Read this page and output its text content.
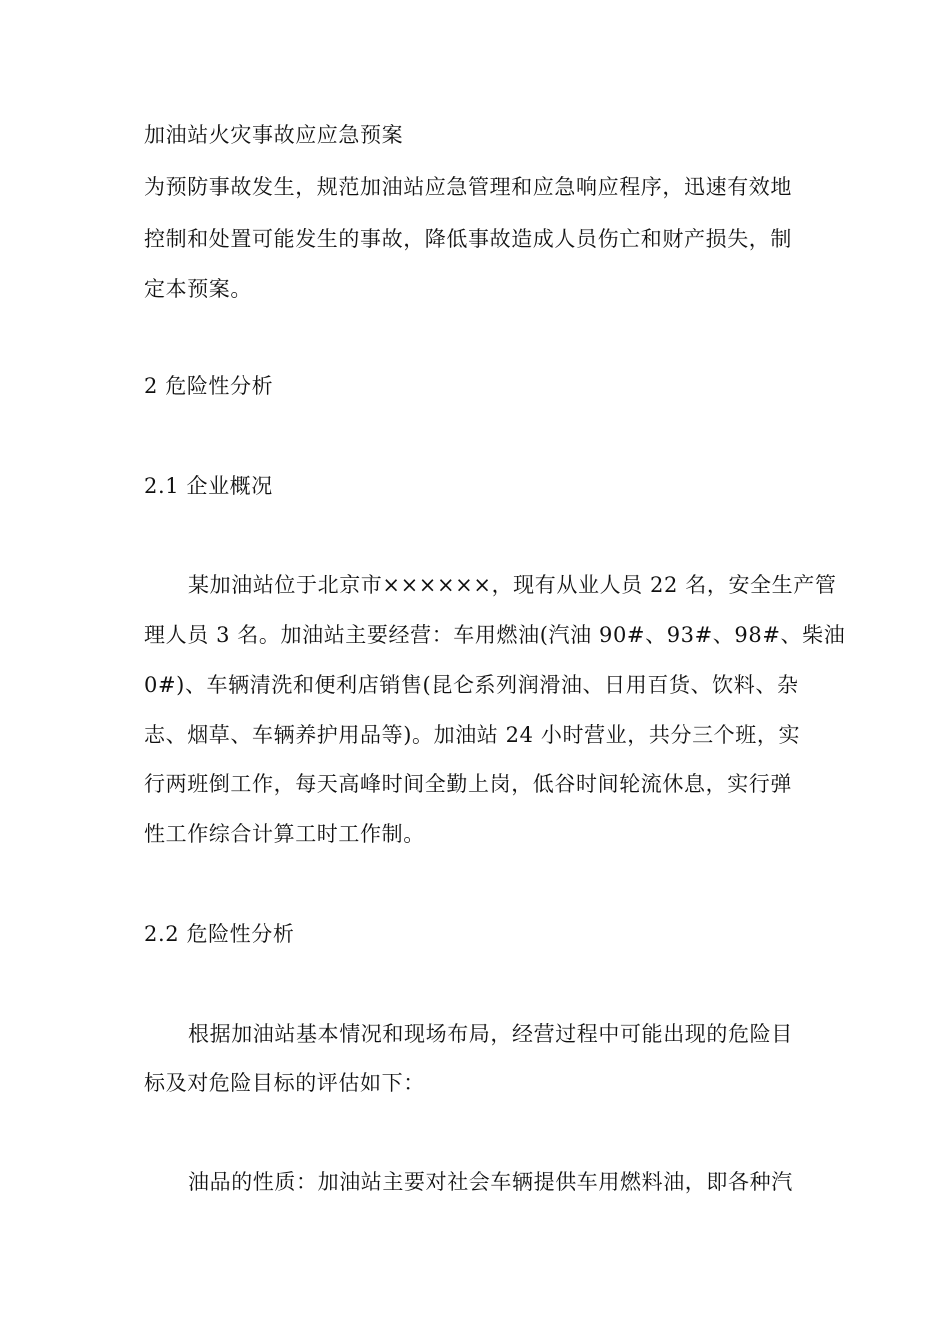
加油站火灾事故应应急预案
为预防事故发生，规范加油站应急管理和应急响应程序，迅速有效地
控制和处置可能发生的事故，降低事故造成人员伤亡和财产损失，制
定本预案。
2 危险性分析
2.1 企业概况
某加油站位于北京市××××××，现有从业人员 22 名，安全生产管
理人员 3 名。加油站主要经营：车用燃油(汽油 90#、93#、98#、柴油
0#)、车辆清洗和便利店销售(昆仑系列润滑油、日用百货、饮料、杂
志、烟草、车辆养护用品等)。加油站 24 小时营业，共分三个班，实
行两班倒工作，每天高峰时间全勤上岗，低谷时间轮流休息，实行弹
性工作综合计算工时工作制。
2.2 危险性分析
根据加油站基本情况和现场布局，经营过程中可能出现的危险目
标及对危险目标的评估如下：
油品的性质：加油站主要对社会车辆提供车用燃料油，即各种汽
